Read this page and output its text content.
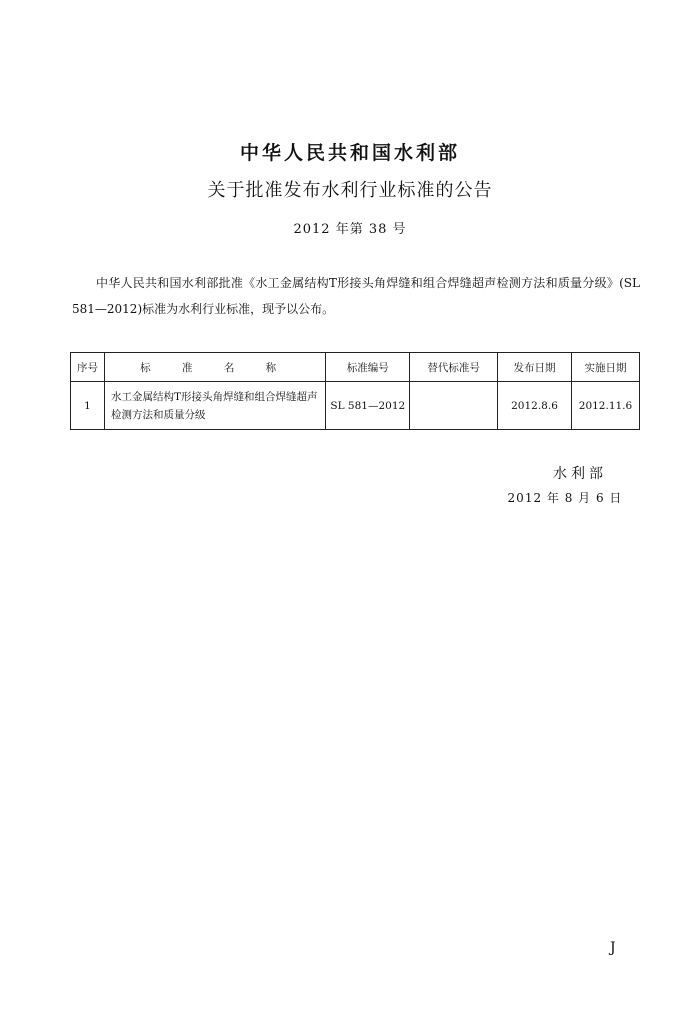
中华人民共和国水利部
关于批准发布水利行业标准的公告
2012 年第 38 号

中华人民共和国水利部批准《水工金属结构T形接头角焊缝和组合焊缝超声检测方法和质量分级》(SL 581—2012)标准为水利行业标准，现予以公布。

序号	标 准 名 称	标准编号	替代标准号	发布日期	实施日期
1	水工金属结构T形接头角焊缝和组合焊缝超声检测方法和质量分级	SL 581—2012		2012.8.6	2012.11.6
水利部
2012 年 8 月 6 日
J
